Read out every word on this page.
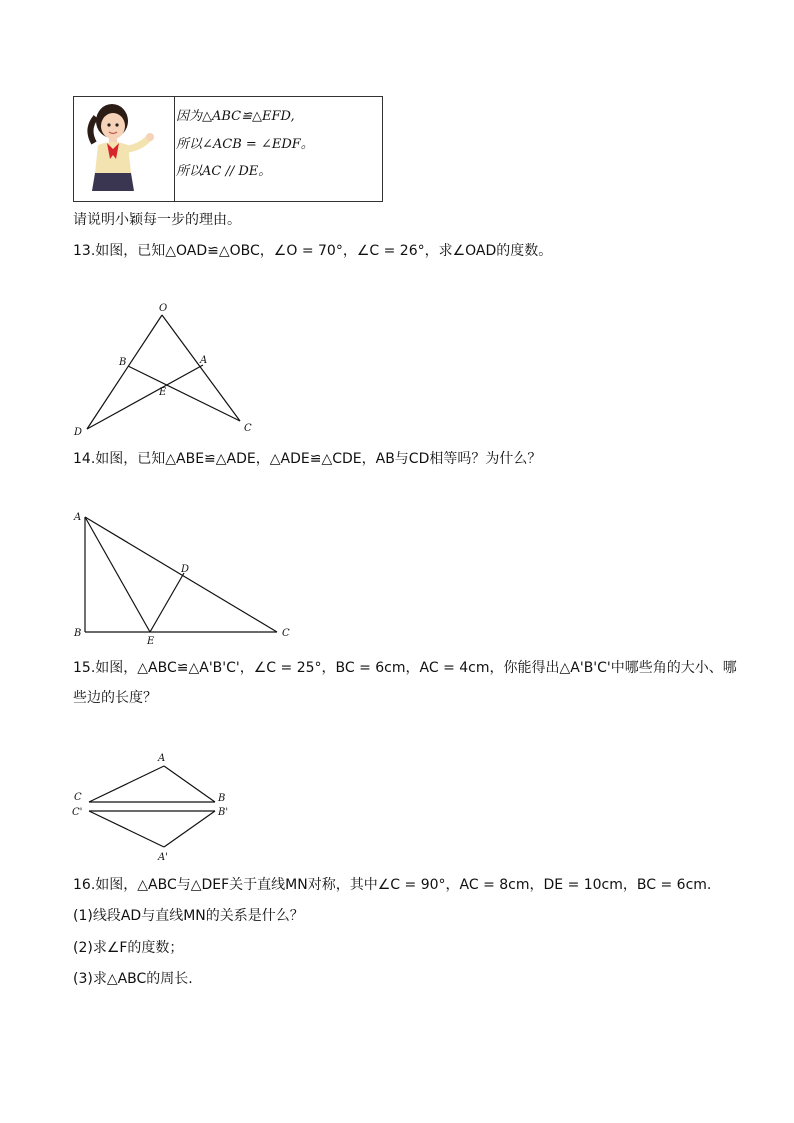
因为△ABC≌△EFD,
所以∠ACB = ∠EDF。
所以AC // DE。
请说明小颖每一步的理由。
13.如图，已知△OAD≌△OBC，∠O = 70°，∠C = 26°，求∠OAD的度数。
O
B	A
E
D	C
14.如图，已知△ABE≌△ADE，△ADE≌△CDE，AB与CD相等吗？为什么？
A
D
B
E
C
15.如图，△ABC≌△A'B'C'，∠C = 25°，BC = 6cm，AC = 4cm，你能得出△A'B'C'中哪些角的大小、哪
些边的长度？
A
C	B
C'	B'
A'
16.如图，△ABC与△DEF关于直线MN对称，其中∠C = 90°，AC = 8cm，DE = 10cm，BC = 6cm.
(1)线段AD与直线MN的关系是什么？
(2)求∠F的度数；
(3)求△ABC的周长.
